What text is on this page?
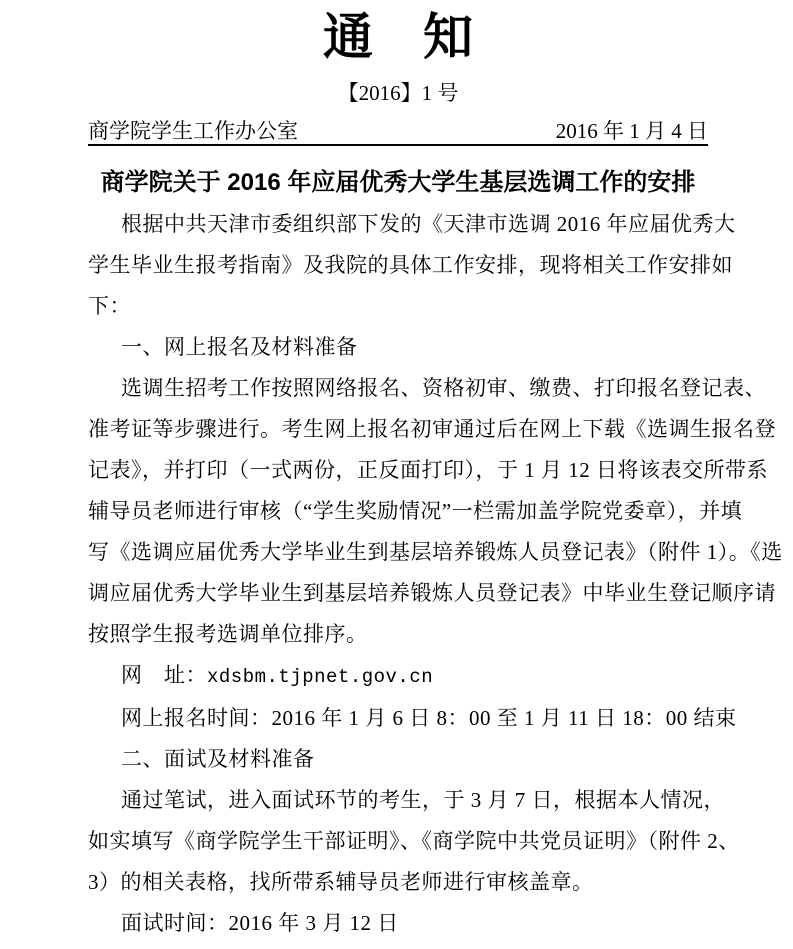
通　知
【2016】1 号
商学院学生工作办公室	2016 年 1 月 4 日
商学院关于 2016 年应届优秀大学生基层选调工作的安排
根据中共天津市委组织部下发的《天津市选调 2016 年应届优秀大
学生毕业生报考指南》及我院的具体工作安排，现将相关工作安排如
下：
一、网上报名及材料准备
选调生招考工作按照网络报名、资格初审、缴费、打印报名登记表、
准考证等步骤进行。考生网上报名初审通过后在网上下载《选调生报名登
记表》，并打印（一式两份，正反面打印），于 1 月 12 日将该表交所带系
辅导员老师进行审核（“学生奖励情况”一栏需加盖学院党委章），并填
写《选调应届优秀大学毕业生到基层培养锻炼人员登记表》（附件 1）。《选
调应届优秀大学毕业生到基层培养锻炼人员登记表》中毕业生登记顺序请
按照学生报考选调单位排序。
网　址：xdsbm.tjpnet.gov.cn
网上报名时间：2016 年 1 月 6 日 8：00 至 1 月 11 日 18：00 结束
二、面试及材料准备
通过笔试，进入面试环节的考生，于 3 月 7 日，根据本人情况，
如实填写《商学院学生干部证明》、《商学院中共党员证明》（附件 2、
3）的相关表格，找所带系辅导员老师进行审核盖章。
面试时间：2016 年 3 月 12 日
